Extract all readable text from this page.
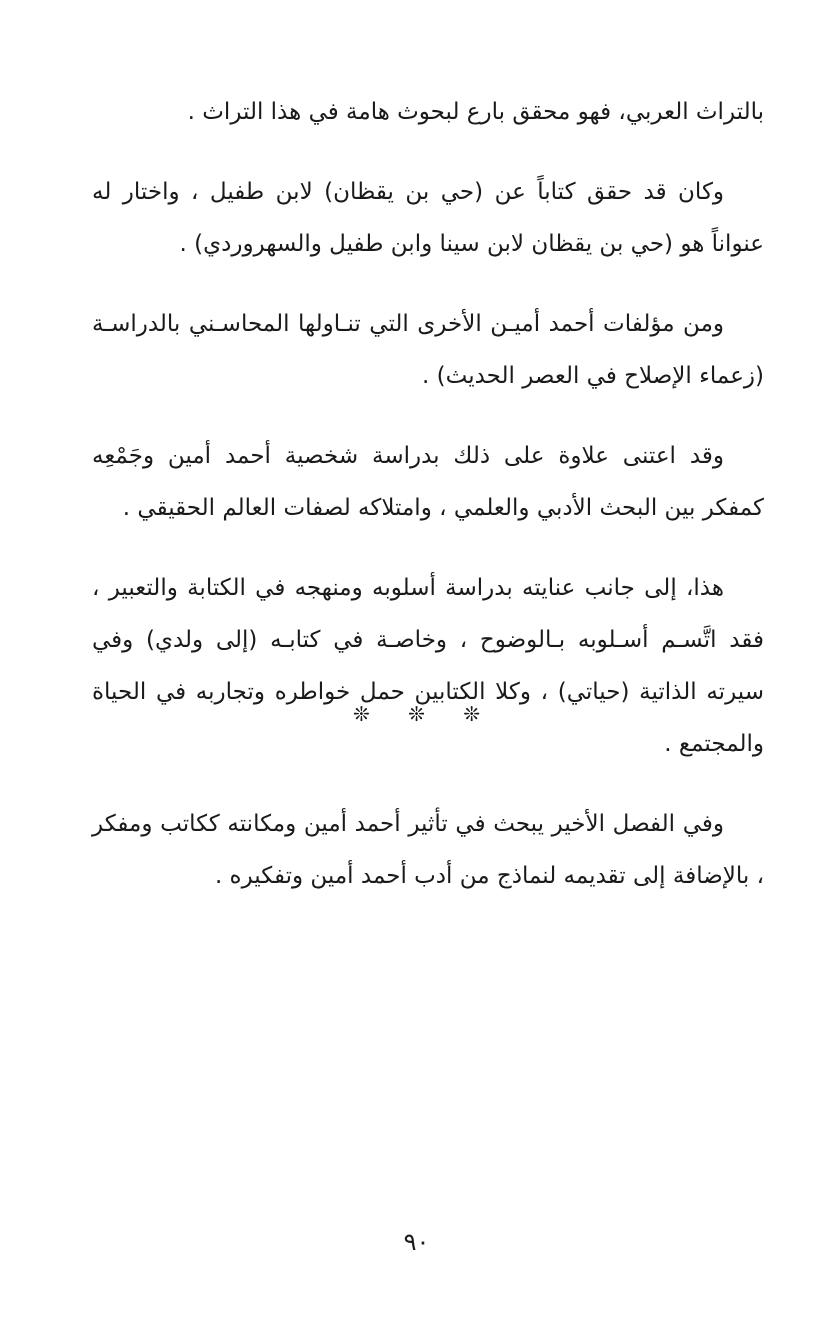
بالتراث العربي، فهو محقق بارع لبحوث هامة في هذا التراث .

وكان قد حقق كتاباً عن (حي بن يقظان) لابن طفيل ، واختار له عنواناً هو (حي بن يقظان لابن سينا وابن طفيل والسهروردي) .

ومن مؤلفات أحمد أميـن الأخرى التي تنـاولها المحاسـني بالدراسـة (زعماء الإصلاح في العصر الحديث) .

وقد اعتنى علاوة على ذلك بدراسة شخصية أحمد أمين وجَمْعِه كمفكر بين البحث الأدبي والعلمي ، وامتلاكه لصفات العالم الحقيقي .

هذا، إلى جانب عنايته بدراسة أسلوبه ومنهجه في الكتابة والتعبير ، فقد اتَّسـم أسـلوبه بـالوضوح ، وخاصـة في كتابـه (إلى ولدي) وفي سيرته الذاتية (حياتي) ، وكلا الكتابين حمل خواطره وتجاربه في الحياة والمجتمع .

وفي الفصل الأخير يبحث في تأثير أحمد أمين ومكانته ككاتب ومفكر ، بالإضافة إلى تقديمه لنماذج من أدب أحمد أمين وتفكيره .

❊ ❊ ❊
٩٠
